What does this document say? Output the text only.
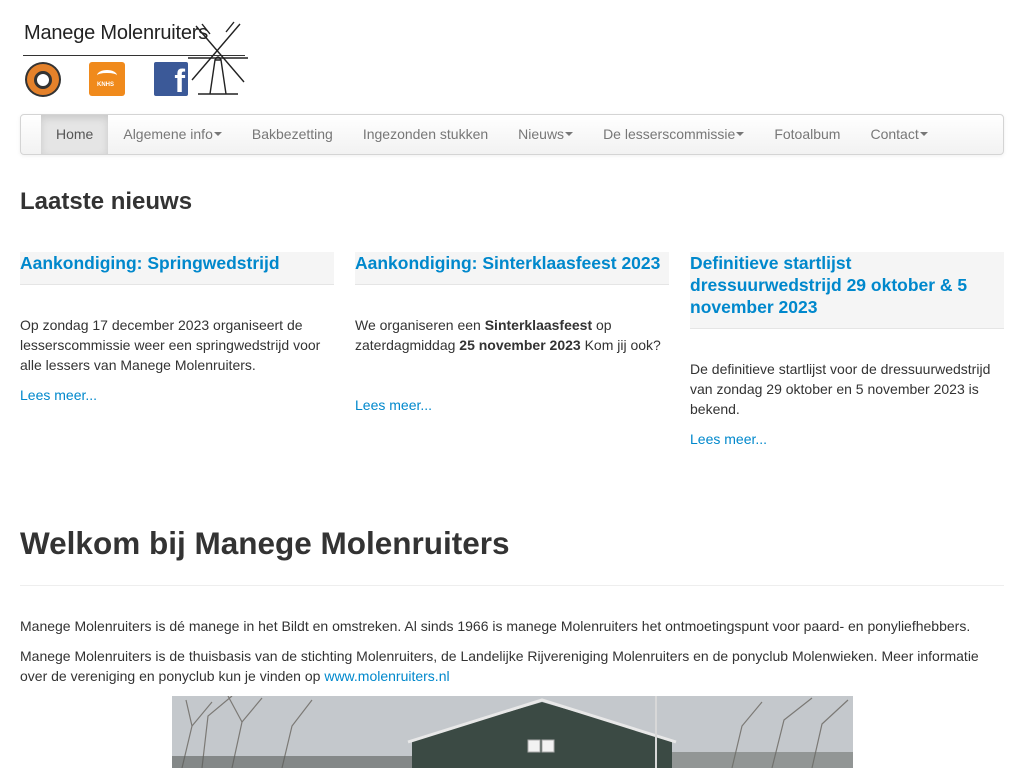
Manege Molenruiters
KNHS f
Home	Algemene info	Bakbezetting	Ingezonden stukken	Nieuws	De lesserscommissie	Fotoalbum	Contact
Laatste nieuws
Aankondiging: Springwedstrijd

Op zondag 17 december 2023 organiseert de lesserscommissie weer een springwedstrijd voor alle lessers van Manege Molenruiters.

Lees meer...
Aankondiging: Sinterklaasfeest 2023

We organiseren een Sinterklaasfeest op zaterdagmiddag 25 november 2023 Kom jij ook?

Lees meer...
Definitieve startlijst dressuurwedstrijd 29 oktober & 5 november 2023

De definitieve startlijst voor de dressuurwedstrijd van zondag 29 oktober en 5 november 2023 is bekend.

Lees meer...
Welkom bij Manege Molenruiters

Manege Molenruiters is dé manege in het Bildt en omstreken. Al sinds 1966 is manege Molenruiters het ontmoetingspunt voor paard- en ponyliefhebbers.

Manege Molenruiters is de thuisbasis van de stichting Molenruiters, de Landelijke Rijvereniging Molenruiters en de ponyclub Molenwieken. Meer informatie over de vereniging en ponyclub kun je vinden op www.molenruiters.nl
